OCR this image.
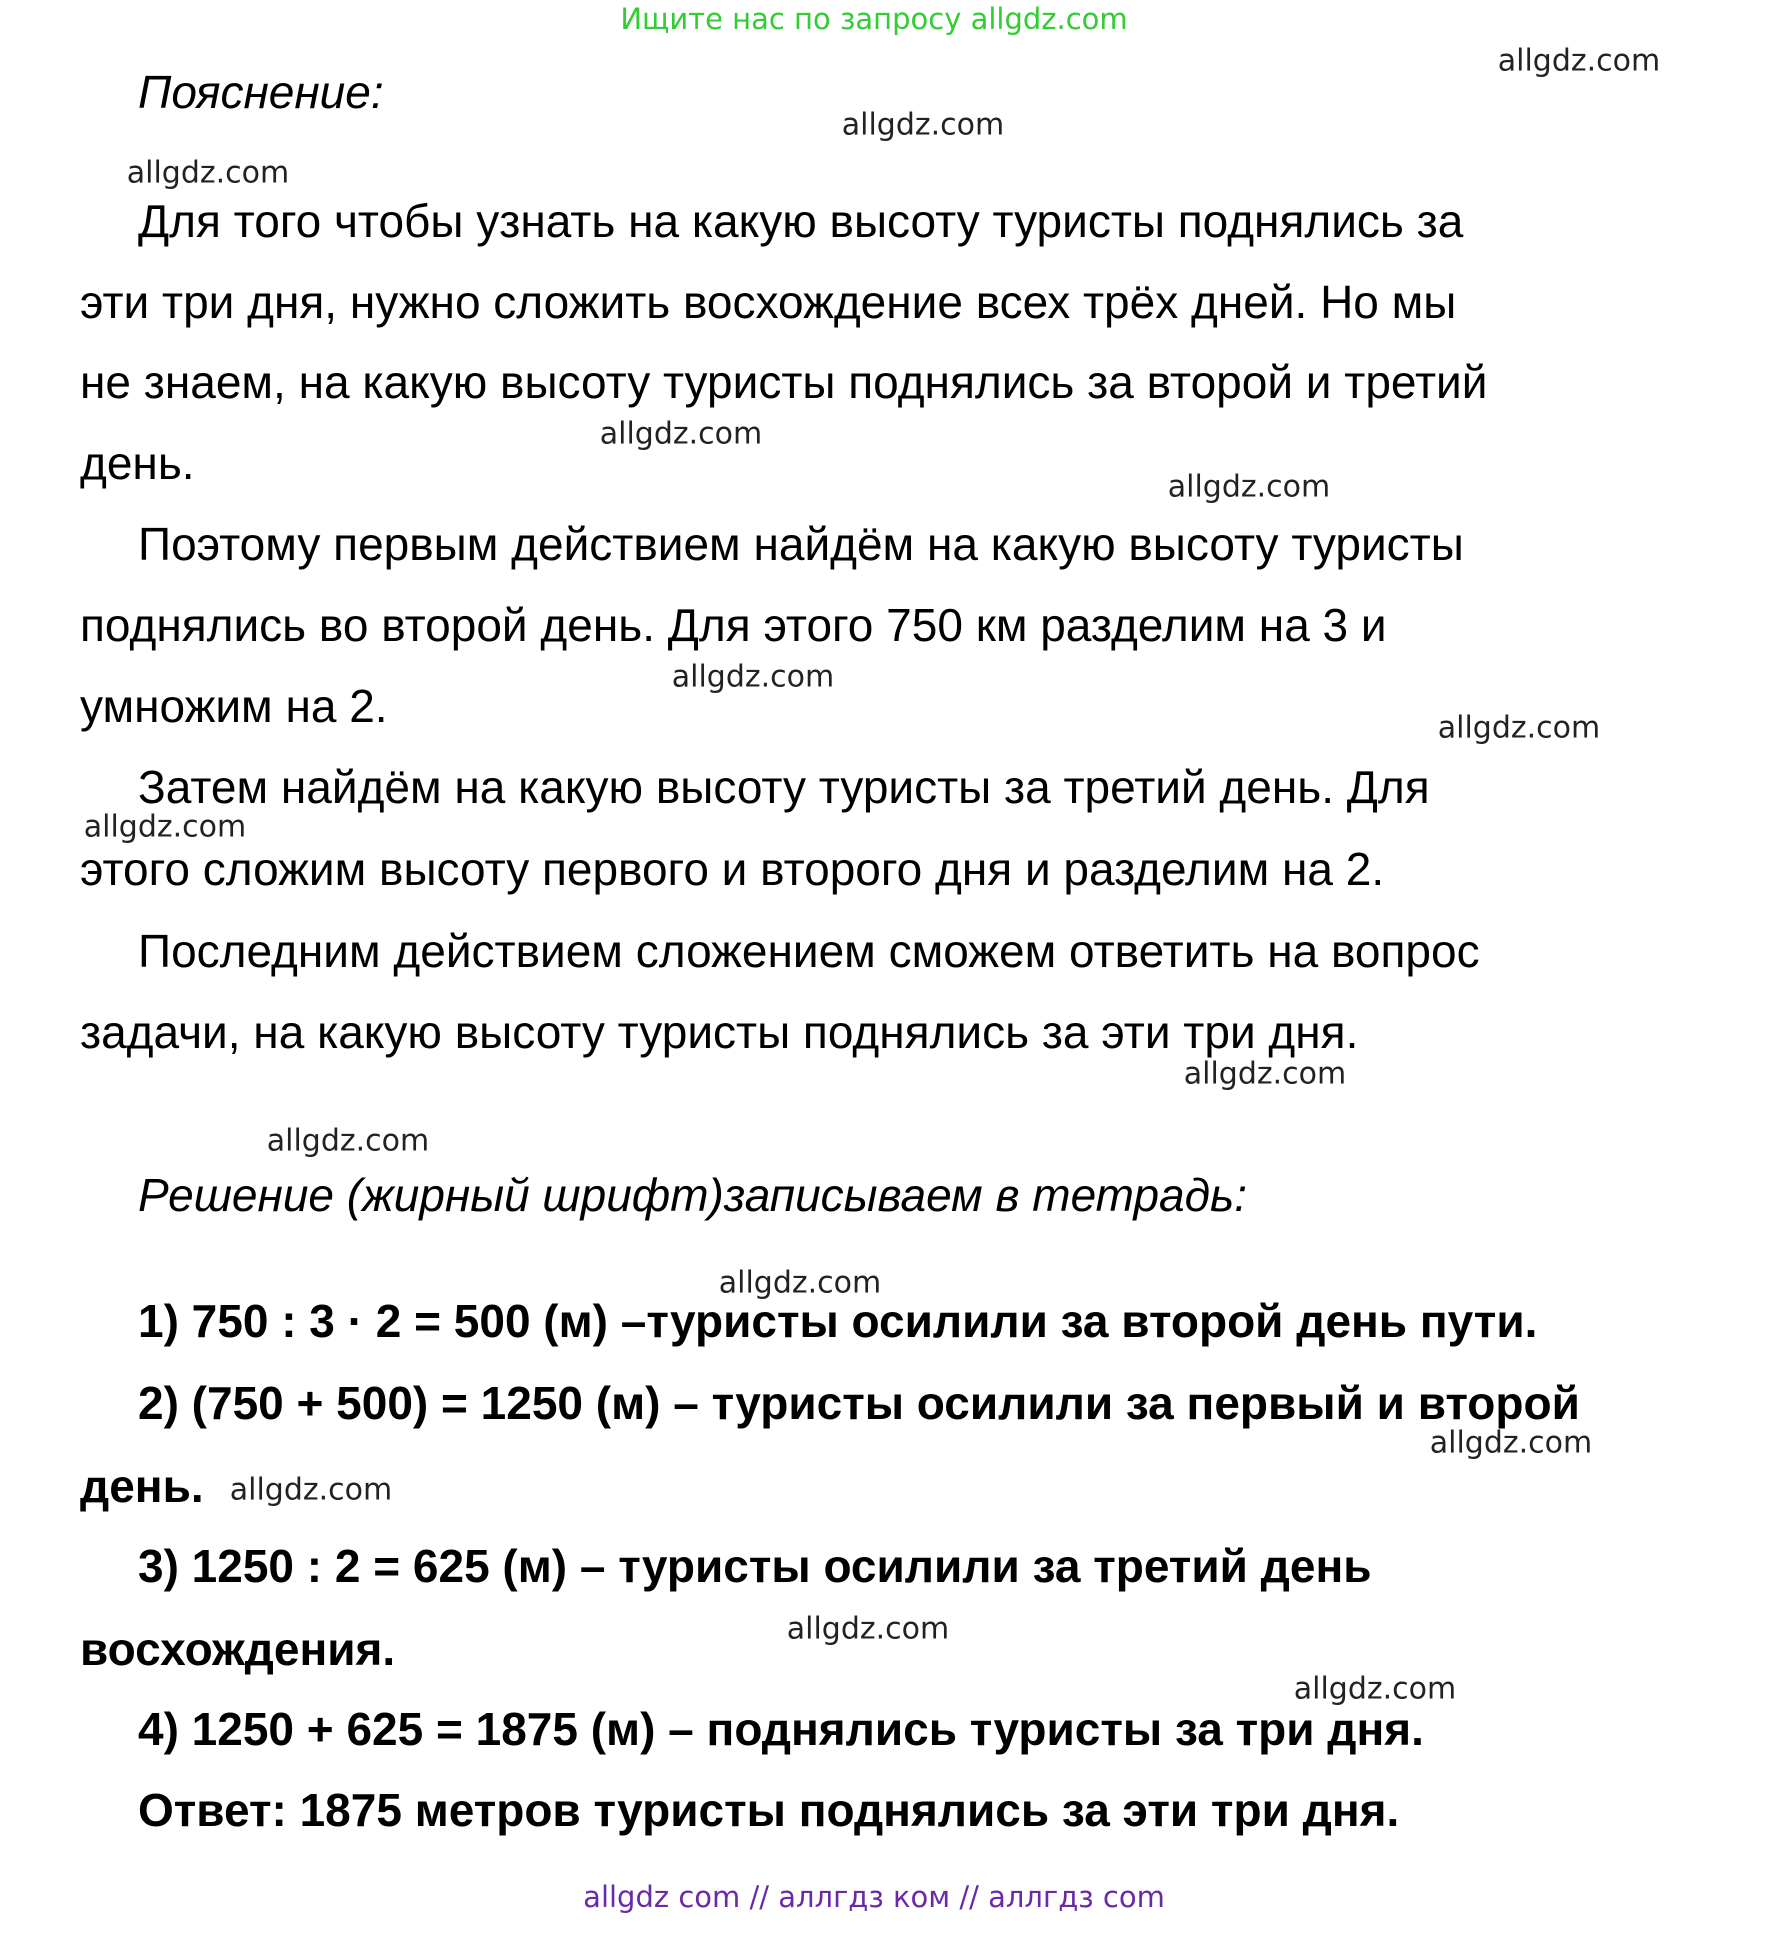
Ищите нас по запросу allgdz.com
Пояснение:
Для того чтобы узнать на какую высоту туристы поднялись за
эти три дня, нужно сложить восхождение всех трёх дней. Но мы
не знаем, на какую высоту туристы поднялись за второй и третий
день.
Поэтому первым действием найдём на какую высоту туристы
поднялись во второй день. Для этого 750 км разделим на 3 и
умножим на 2.
Затем найдём на какую высоту туристы за третий день. Для
этого сложим высоту первого и второго дня и разделим на 2.
Последним действием сложением сможем ответить на вопрос
задачи, на какую высоту туристы поднялись за эти три дня.
Решение (жирный шрифт)записываем в тетрадь:
1) 750 : 3 · 2 = 500 (м) –туристы осилили за второй день пути.
2) (750 + 500) = 1250 (м) – туристы осилили за первый и второй
день.
3) 1250 : 2 = 625 (м) – туристы осилили за третий день
восхождения.
4) 1250 + 625 = 1875 (м) – поднялись туристы за три дня.
Ответ: 1875 метров туристы поднялись за эти три дня.
allgdz.com
allgdz.com
allgdz.com
allgdz.com
allgdz.com
allgdz.com
allgdz.com
allgdz.com
allgdz.com
allgdz.com
allgdz.com
allgdz.com
allgdz.com
allgdz.com
allgdz.com
allgdz com // аллгдз ком // аллгдз com
